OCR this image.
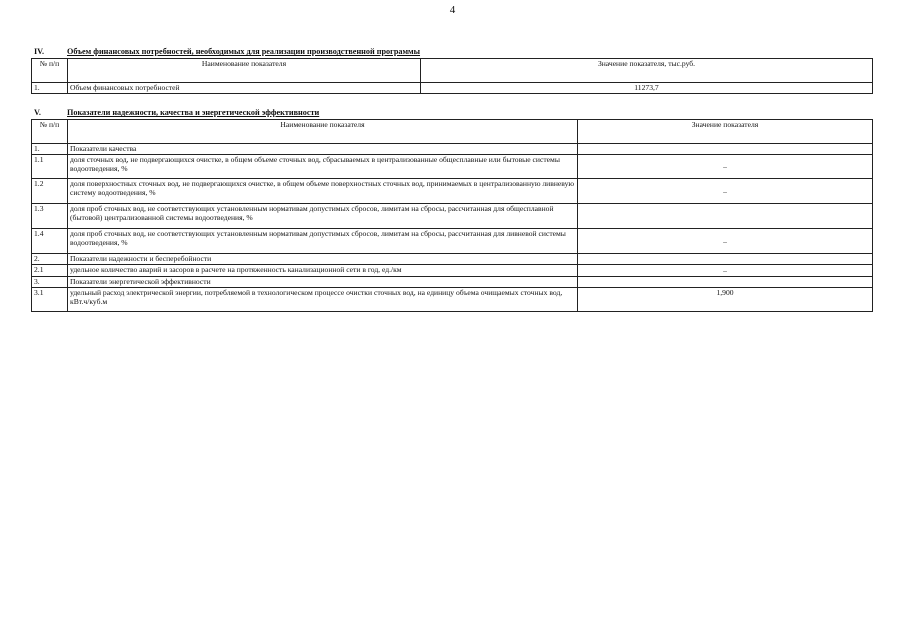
4
IV.	Объем финансовых потребностей, необходимых для реализации производственной программы
№ п/п	Наименование показателя	Значение показателя, тыс.руб.
1.	Объем финансовых потребностей	11273,7
V.	Показатели надежности, качества и энергетической эффективности
№ п/п	Наименование показателя	Значение показателя
1.	Показатели качества	
1.1	доля сточных вод, не подвергающихся очистке, в общем объеме сточных вод, сбрасываемых в централизованные общесплавные или бытовые системы водоотведения, %	–
1.2	доля поверхностных сточных вод, не подвергающихся очистке, в общем объеме поверхностных сточных вод, принимаемых в централизованную ливневую систему водоотведения, %	–
1.3	доля проб сточных вод, не соответствующих установленным нормативам допустимых сбросов, лимитам на сбросы, рассчитанная для общесплавной (бытовой) централизованной системы водоотведения, %	
1.4	доля проб сточных вод, не соответствующих установленным нормативам допустимых сбросов, лимитам на сбросы, рассчитанная для ливневой системы водоотведения, %	–
2.	Показатели надежности и бесперебойности	
2.1	удельное количество аварий и засоров в расчете на протяженность канализационной сети в год, ед./км	–
3.	Показатели энергетической эффективности	
3.1	удельный расход электрической энергии, потребляемой в технологическом процессе очистки сточных вод, на единицу объема очищаемых сточных вод, кВт.ч/куб.м	1,900
